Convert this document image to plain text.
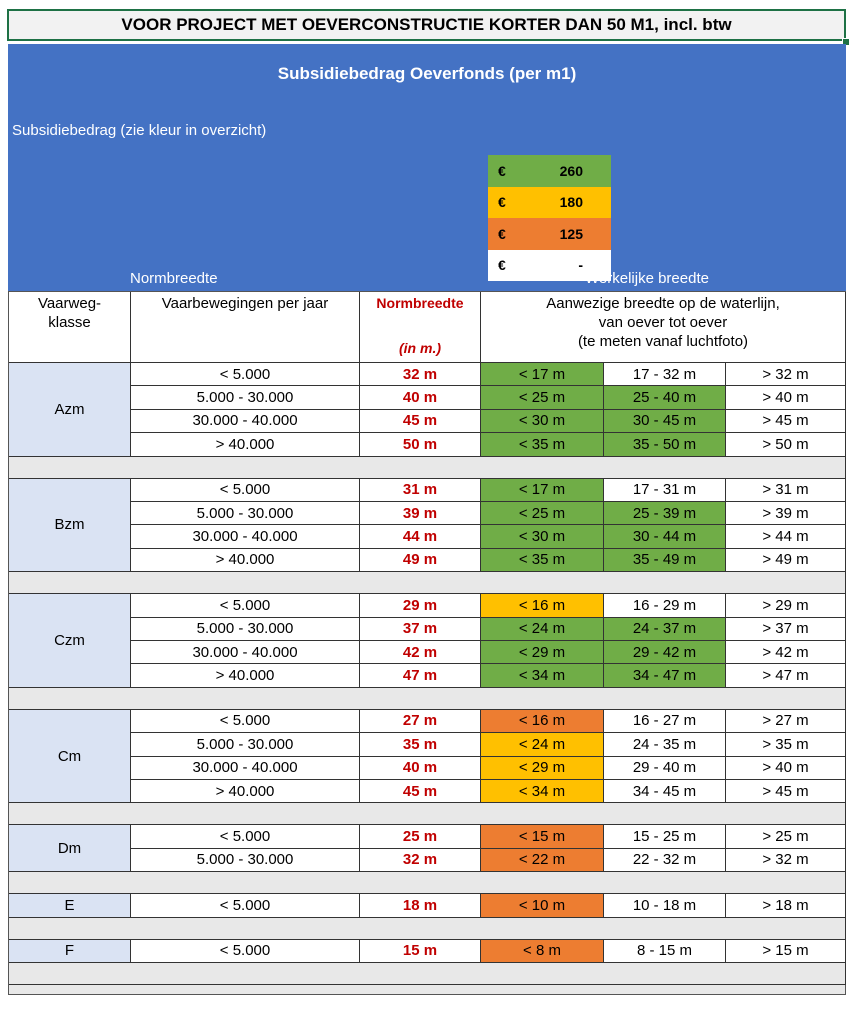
VOOR PROJECT MET OEVERCONSTRUCTIE KORTER DAN 50 M1, incl. btw
Subsidiebedrag Oeverfonds (per m1)
Subsidiebedrag (zie kleur in overzicht)
€	260
€	180
€	125
€	-
Normbreedte	Werkelijke breedte
Vaarweg-
klasse
Vaarbewegingen per jaar	Normbreedte
(in m.)
Aanwezige breedte op de waterlijn,
van oever tot oever
(te meten vanaf luchtfoto)
Azm
< 5.000	32 m	< 17 m	17 - 32 m	> 32 m
5.000 - 30.000	40 m	< 25 m	25 - 40 m	> 40 m
30.000 - 40.000	45 m	< 30 m	30 - 45 m	> 45 m
> 40.000	50 m	< 35 m	35 - 50 m	> 50 m
Bzm
< 5.000	31 m	< 17 m	17 - 31 m	> 31 m
5.000 - 30.000	39 m	< 25 m	25 - 39 m	> 39 m
30.000 - 40.000	44 m	< 30 m	30 - 44 m	> 44 m
> 40.000	49 m	< 35 m	35 - 49 m	> 49 m
Czm
< 5.000	29 m	< 16 m	16 - 29 m	> 29 m
5.000 - 30.000	37 m	< 24 m	24 - 37 m	> 37 m
30.000 - 40.000	42 m	< 29 m	29 - 42 m	> 42 m
> 40.000	47 m	< 34 m	34 - 47 m	> 47 m
Cm
< 5.000	27 m	< 16 m	16 - 27 m	> 27 m
5.000 - 30.000	35 m	< 24 m	24 - 35 m	> 35 m
30.000 - 40.000	40 m	< 29 m	29 - 40 m	> 40 m
> 40.000	45 m	< 34 m	34 - 45 m	> 45 m
Dm
< 5.000	25 m	< 15 m	15 - 25 m	> 25 m
5.000 - 30.000	32 m	< 22 m	22 - 32 m	> 32 m
E	< 5.000	18 m	< 10 m	10 - 18 m	> 18 m
F	< 5.000	15 m	< 8 m	8 - 15 m	> 15 m
